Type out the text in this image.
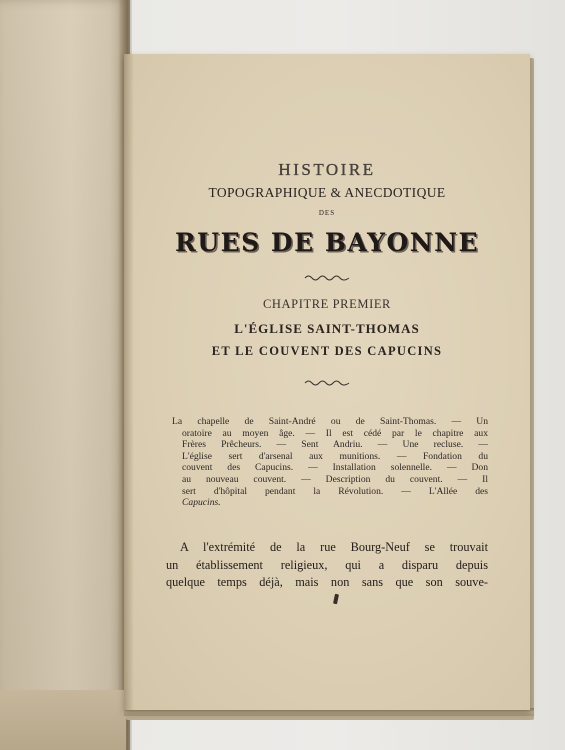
HISTOIRE
TOPOGRAPHIQUE & ANECDOTIQUE
DES
RUES DE BAYONNE
CHAPITRE PREMIER
L'ÉGLISE SAINT-THOMAS
ET LE COUVENT DES CAPUCINS
La chapelle de Saint-André ou de Saint-Thomas. — Un
oratoire au moyen âge. — Il est cédé par le chapitre aux
Frères Prêcheurs. — Sent Andriu. — Une recluse. —
L'église sert d'arsenal aux munitions. — Fondation du
couvent des Capucins. — Installation solennelle. — Don
au nouveau couvent. — Description du couvent. — Il
sert d'hôpital pendant la Révolution. — L'Allée des
Capucins.
A l'extrémité de la rue Bourg-Neuf se trouvait
un établissement religieux, qui a disparu depuis
quelque temps déjà, mais non sans que son souve-
